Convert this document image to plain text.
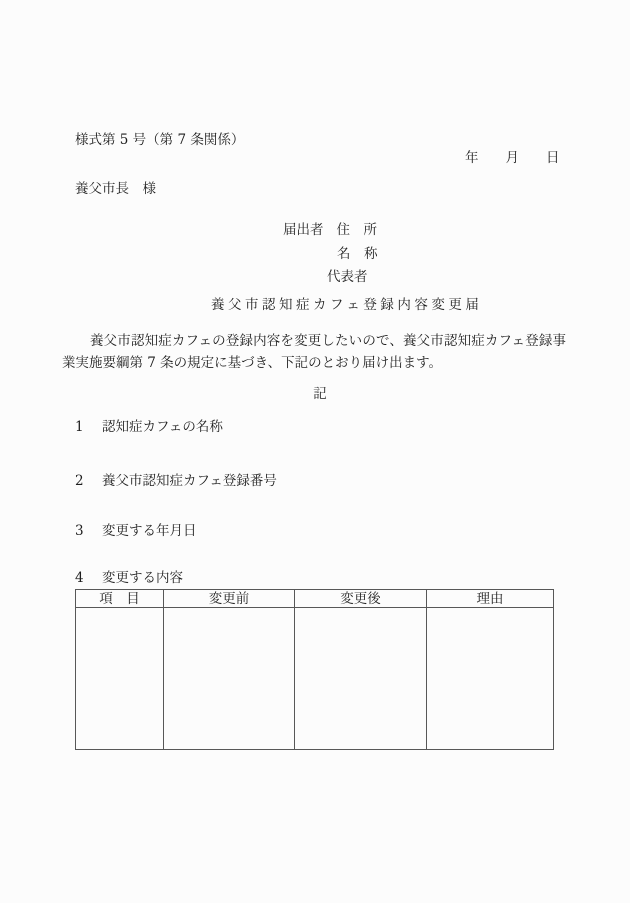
様式第 5 号（第 7 条関係）
年　　月　　日
養父市長　様
届出者 住　所
名　称
代表者
養父市認知症カフェ登録内容変更届
養父市認知症カフェの登録内容を変更したいので、養父市認知症カフェ登録事業実施要綱第 7 条の規定に基づき、下記のとおり届け出ます。
記
1 認知症カフェの名称
2 養父市認知症カフェ登録番号
3 変更する年月日
4 変更する内容
項　目	変更前	変更後	理由
